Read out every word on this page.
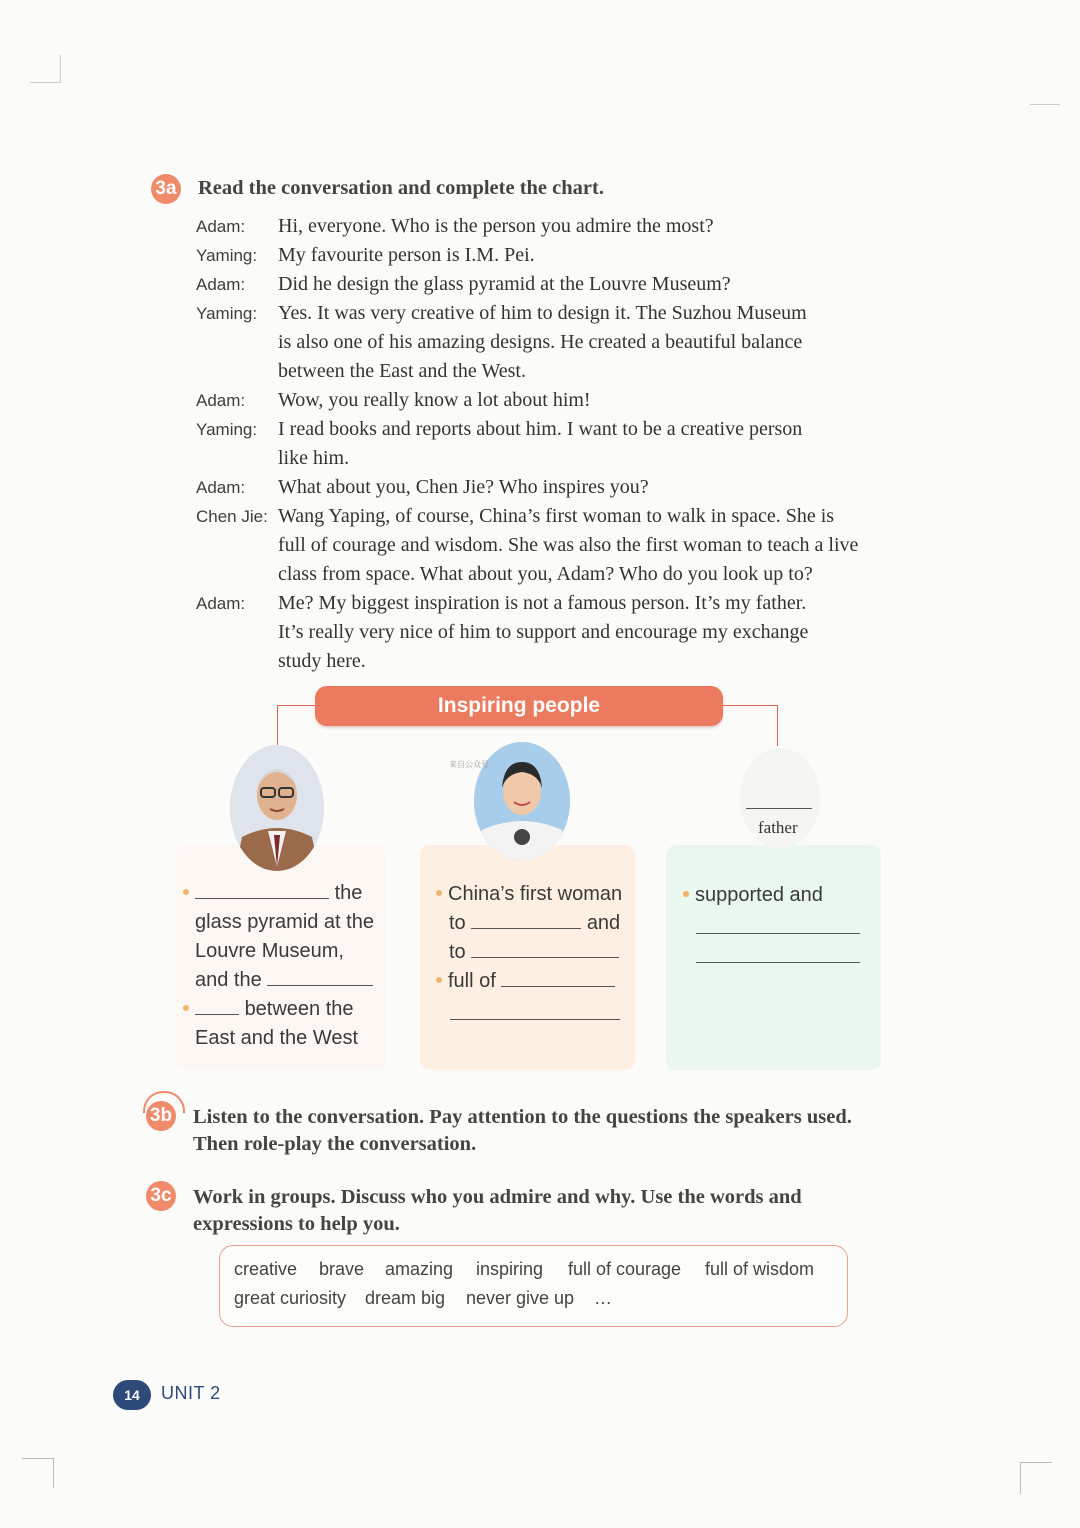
3a Read the conversation and complete the chart.
Adam: Hi, everyone. Who is the person you admire the most?
Yaming: My favourite person is I.M. Pei.
Adam: Did he design the glass pyramid at the Louvre Museum?
Yaming: Yes. It was very creative of him to design it. The Suzhou Museum
is also one of his amazing designs. He created a beautiful balance
between the East and the West.
Adam: Wow, you really know a lot about him!
Yaming: I read books and reports about him. I want to be a creative person
like him.
Adam: What about you, Chen Jie? Who inspires you?
Chen Jie: Wang Yaping, of course, China’s first woman to walk in space. She is
full of courage and wisdom. She was also the first woman to teach a live
class from space. What about you, Adam? Who do you look up to?
Adam: Me? My biggest inspiration is not a famous person. It’s my father.
It’s really very nice of him to support and encourage my exchange
study here.
Inspiring people
来自公众号
the
glass pyramid at the
Louvre Museum,
and the
between the
East and the West
China’s first woman
to	and
to
full of
father
supported and
3b Listen to the conversation. Pay attention to the questions the speakers used.
Then role-play the conversation.
3c Work in groups. Discuss who you admire and why. Use the words and
expressions to help you.
creative brave amazing inspiring full of courage full of wisdom
great curiosity dream big never give up …
14	UNIT 2
